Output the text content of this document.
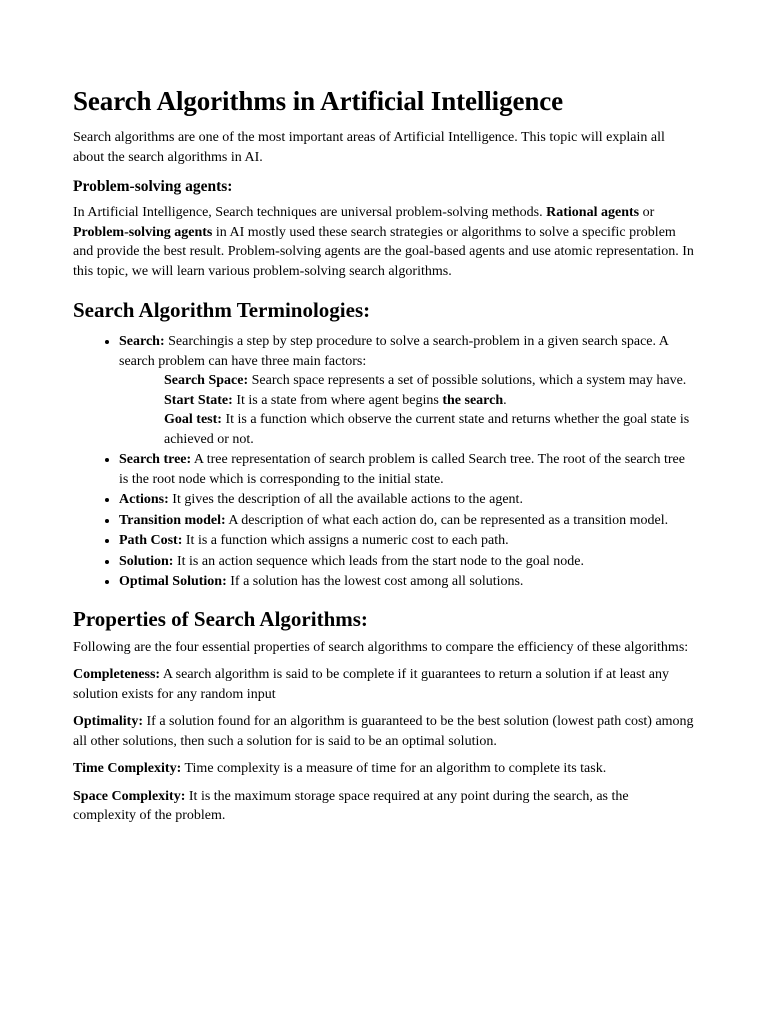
Search Algorithms in Artificial Intelligence

Search algorithms are one of the most important areas of Artificial Intelligence. This topic will explain all about the search algorithms in AI.

Problem-solving agents:

In Artificial Intelligence, Search techniques are universal problem-solving methods. Rational agents or Problem-solving agents in AI mostly used these search strategies or algorithms to solve a specific problem and provide the best result. Problem-solving agents are the goal-based agents and use atomic representation. In this topic, we will learn various problem-solving search algorithms.

Search Algorithm Terminologies:
• Search: Searchingis a step by step procedure to solve a search-problem in a given search space. A search problem can have three main factors:
Search Space: Search space represents a set of possible solutions, which a system may have.
Start State: It is a state from where agent begins the search.
Goal test: It is a function which observe the current state and returns whether the goal state is achieved or not.
• Search tree: A tree representation of search problem is called Search tree. The root of the search tree is the root node which is corresponding to the initial state.
• Actions: It gives the description of all the available actions to the agent.
• Transition model: A description of what each action do, can be represented as a transition model.
• Path Cost: It is a function which assigns a numeric cost to each path.
• Solution: It is an action sequence which leads from the start node to the goal node.
• Optimal Solution: If a solution has the lowest cost among all solutions.
Properties of Search Algorithms:

Following are the four essential properties of search algorithms to compare the efficiency of these algorithms:

Completeness: A search algorithm is said to be complete if it guarantees to return a solution if at least any solution exists for any random input

Optimality: If a solution found for an algorithm is guaranteed to be the best solution (lowest path cost) among all other solutions, then such a solution for is said to be an optimal solution.

Time Complexity: Time complexity is a measure of time for an algorithm to complete its task.

Space Complexity: It is the maximum storage space required at any point during the search, as the complexity of the problem.
